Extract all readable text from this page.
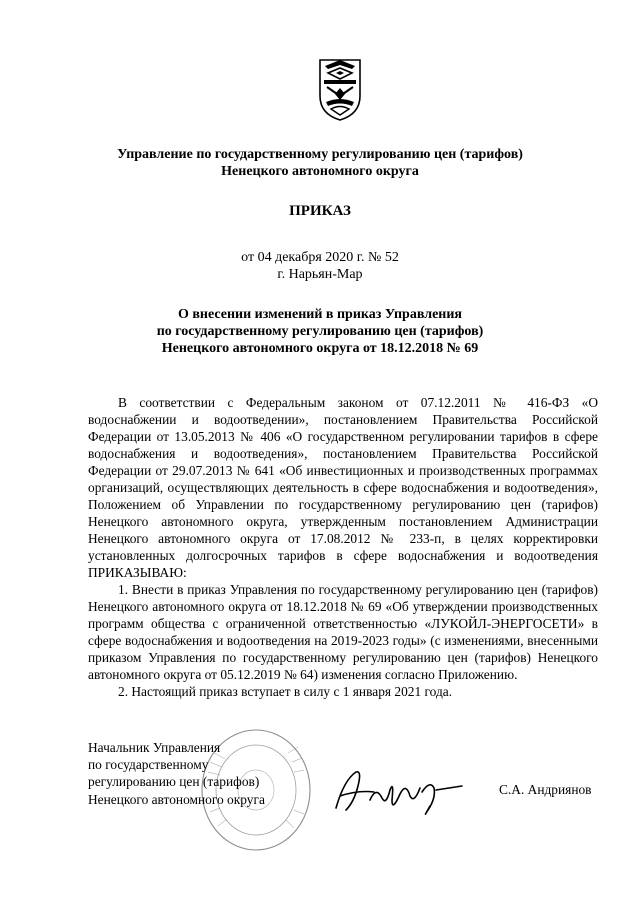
Управление по государственному регулированию цен (тарифов)
Ненецкого автономного округа
ПРИКАЗ
от 04 декабря 2020 г. № 52
г. Нарьян-Мар
О внесении изменений в приказ Управления
по государственному регулированию цен (тарифов)
Ненецкого автономного округа от 18.12.2018 № 69

В соответствии с Федеральным законом от 07.12.2011 № 416-ФЗ «О водоснабжении и водоотведении», постановлением Правительства Российской Федерации от 13.05.2013 № 406 «О государственном регулировании тарифов в сфере водоснабжения и водоотведения», постановлением Правительства Российской Федерации от 29.07.2013 № 641 «Об инвестиционных и производственных программах организаций, осуществляющих деятельность в сфере водоснабжения и водоотведения», Положением об Управлении по государственному регулированию цен (тарифов) Ненецкого автономного округа, утвержденным постановлением Администрации Ненецкого автономного округа от 17.08.2012 № 233-п, в целях корректировки установленных долгосрочных тарифов в сфере водоснабжения и водоотведения ПРИКАЗЫВАЮ:

1. Внести в приказ Управления по государственному регулированию цен (тарифов) Ненецкого автономного округа от 18.12.2018 № 69 «Об утверждении производственных программ общества с ограниченной ответственностью «ЛУКОЙЛ-ЭНЕРГОСЕТИ» в сфере водоснабжения и водоотведения на 2019-2023 годы» (с изменениями, внесенными приказом Управления по государственному регулированию цен (тарифов) Ненецкого автономного округа от 05.12.2019 № 64) изменения согласно Приложению.

2. Настоящий приказ вступает в силу с 1 января 2021 года.

Начальник Управления
по государственному
регулированию цен (тарифов)
Ненецкого автономного округа
С.А. Андриянов
